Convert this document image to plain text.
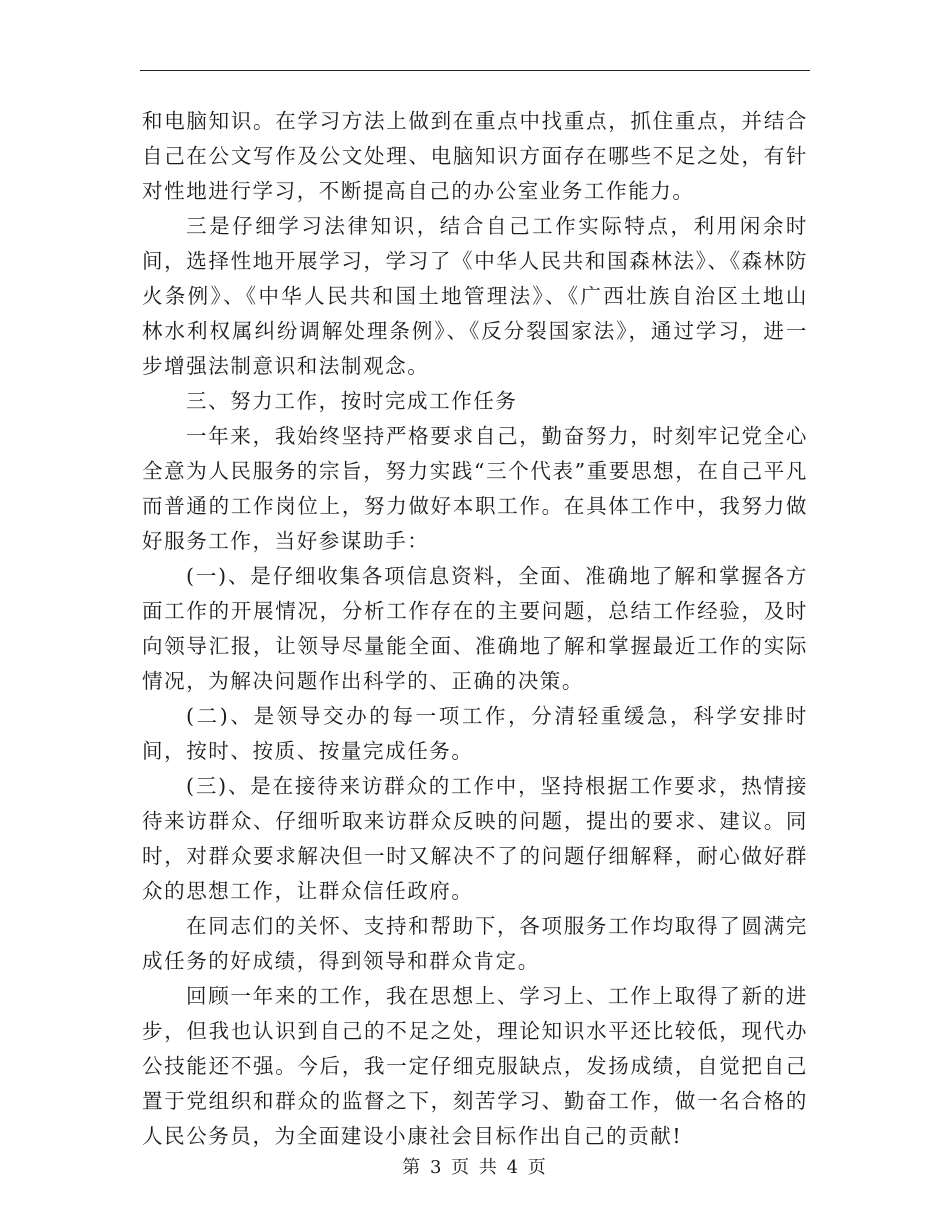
和电脑知识。在学习方法上做到在重点中找重点，抓住重点，并结合自己在公文写作及公文处理、电脑知识方面存在哪些不足之处，有针对性地进行学习，不断提高自己的办公室业务工作能力。

三是仔细学习法律知识，结合自己工作实际特点，利用闲余时间，选择性地开展学习，学习了《中华人民共和国森林法》、《森林防火条例》、《中华人民共和国土地管理法》、《广西壮族自治区土地山林水利权属纠纷调解处理条例》、《反分裂国家法》，通过学习，进一步增强法制意识和法制观念。

三、努力工作，按时完成工作任务

一年来，我始终坚持严格要求自己，勤奋努力，时刻牢记党全心全意为人民服务的宗旨，努力实践“三个代表”重要思想，在自己平凡而普通的工作岗位上，努力做好本职工作。在具体工作中，我努力做好服务工作，当好参谋助手：

(一)、是仔细收集各项信息资料，全面、准确地了解和掌握各方面工作的开展情况，分析工作存在的主要问题，总结工作经验，及时向领导汇报，让领导尽量能全面、准确地了解和掌握最近工作的实际情况，为解决问题作出科学的、正确的决策。

(二)、是领导交办的每一项工作，分清轻重缓急，科学安排时间，按时、按质、按量完成任务。

(三)、是在接待来访群众的工作中，坚持根据工作要求，热情接待来访群众、仔细听取来访群众反映的问题，提出的要求、建议。同时，对群众要求解决但一时又解决不了的问题仔细解释，耐心做好群众的思想工作，让群众信任政府。

在同志们的关怀、支持和帮助下，各项服务工作均取得了圆满完成任务的好成绩，得到领导和群众肯定。

回顾一年来的工作，我在思想上、学习上、工作上取得了新的进步，但我也认识到自己的不足之处，理论知识水平还比较低，现代办公技能还不强。今后，我一定仔细克服缺点，发扬成绩，自觉把自己置于党组织和群众的监督之下，刻苦学习、勤奋工作，做一名合格的人民公务员，为全面建设小康社会目标作出自己的贡献!

第 3 页 共 4 页
